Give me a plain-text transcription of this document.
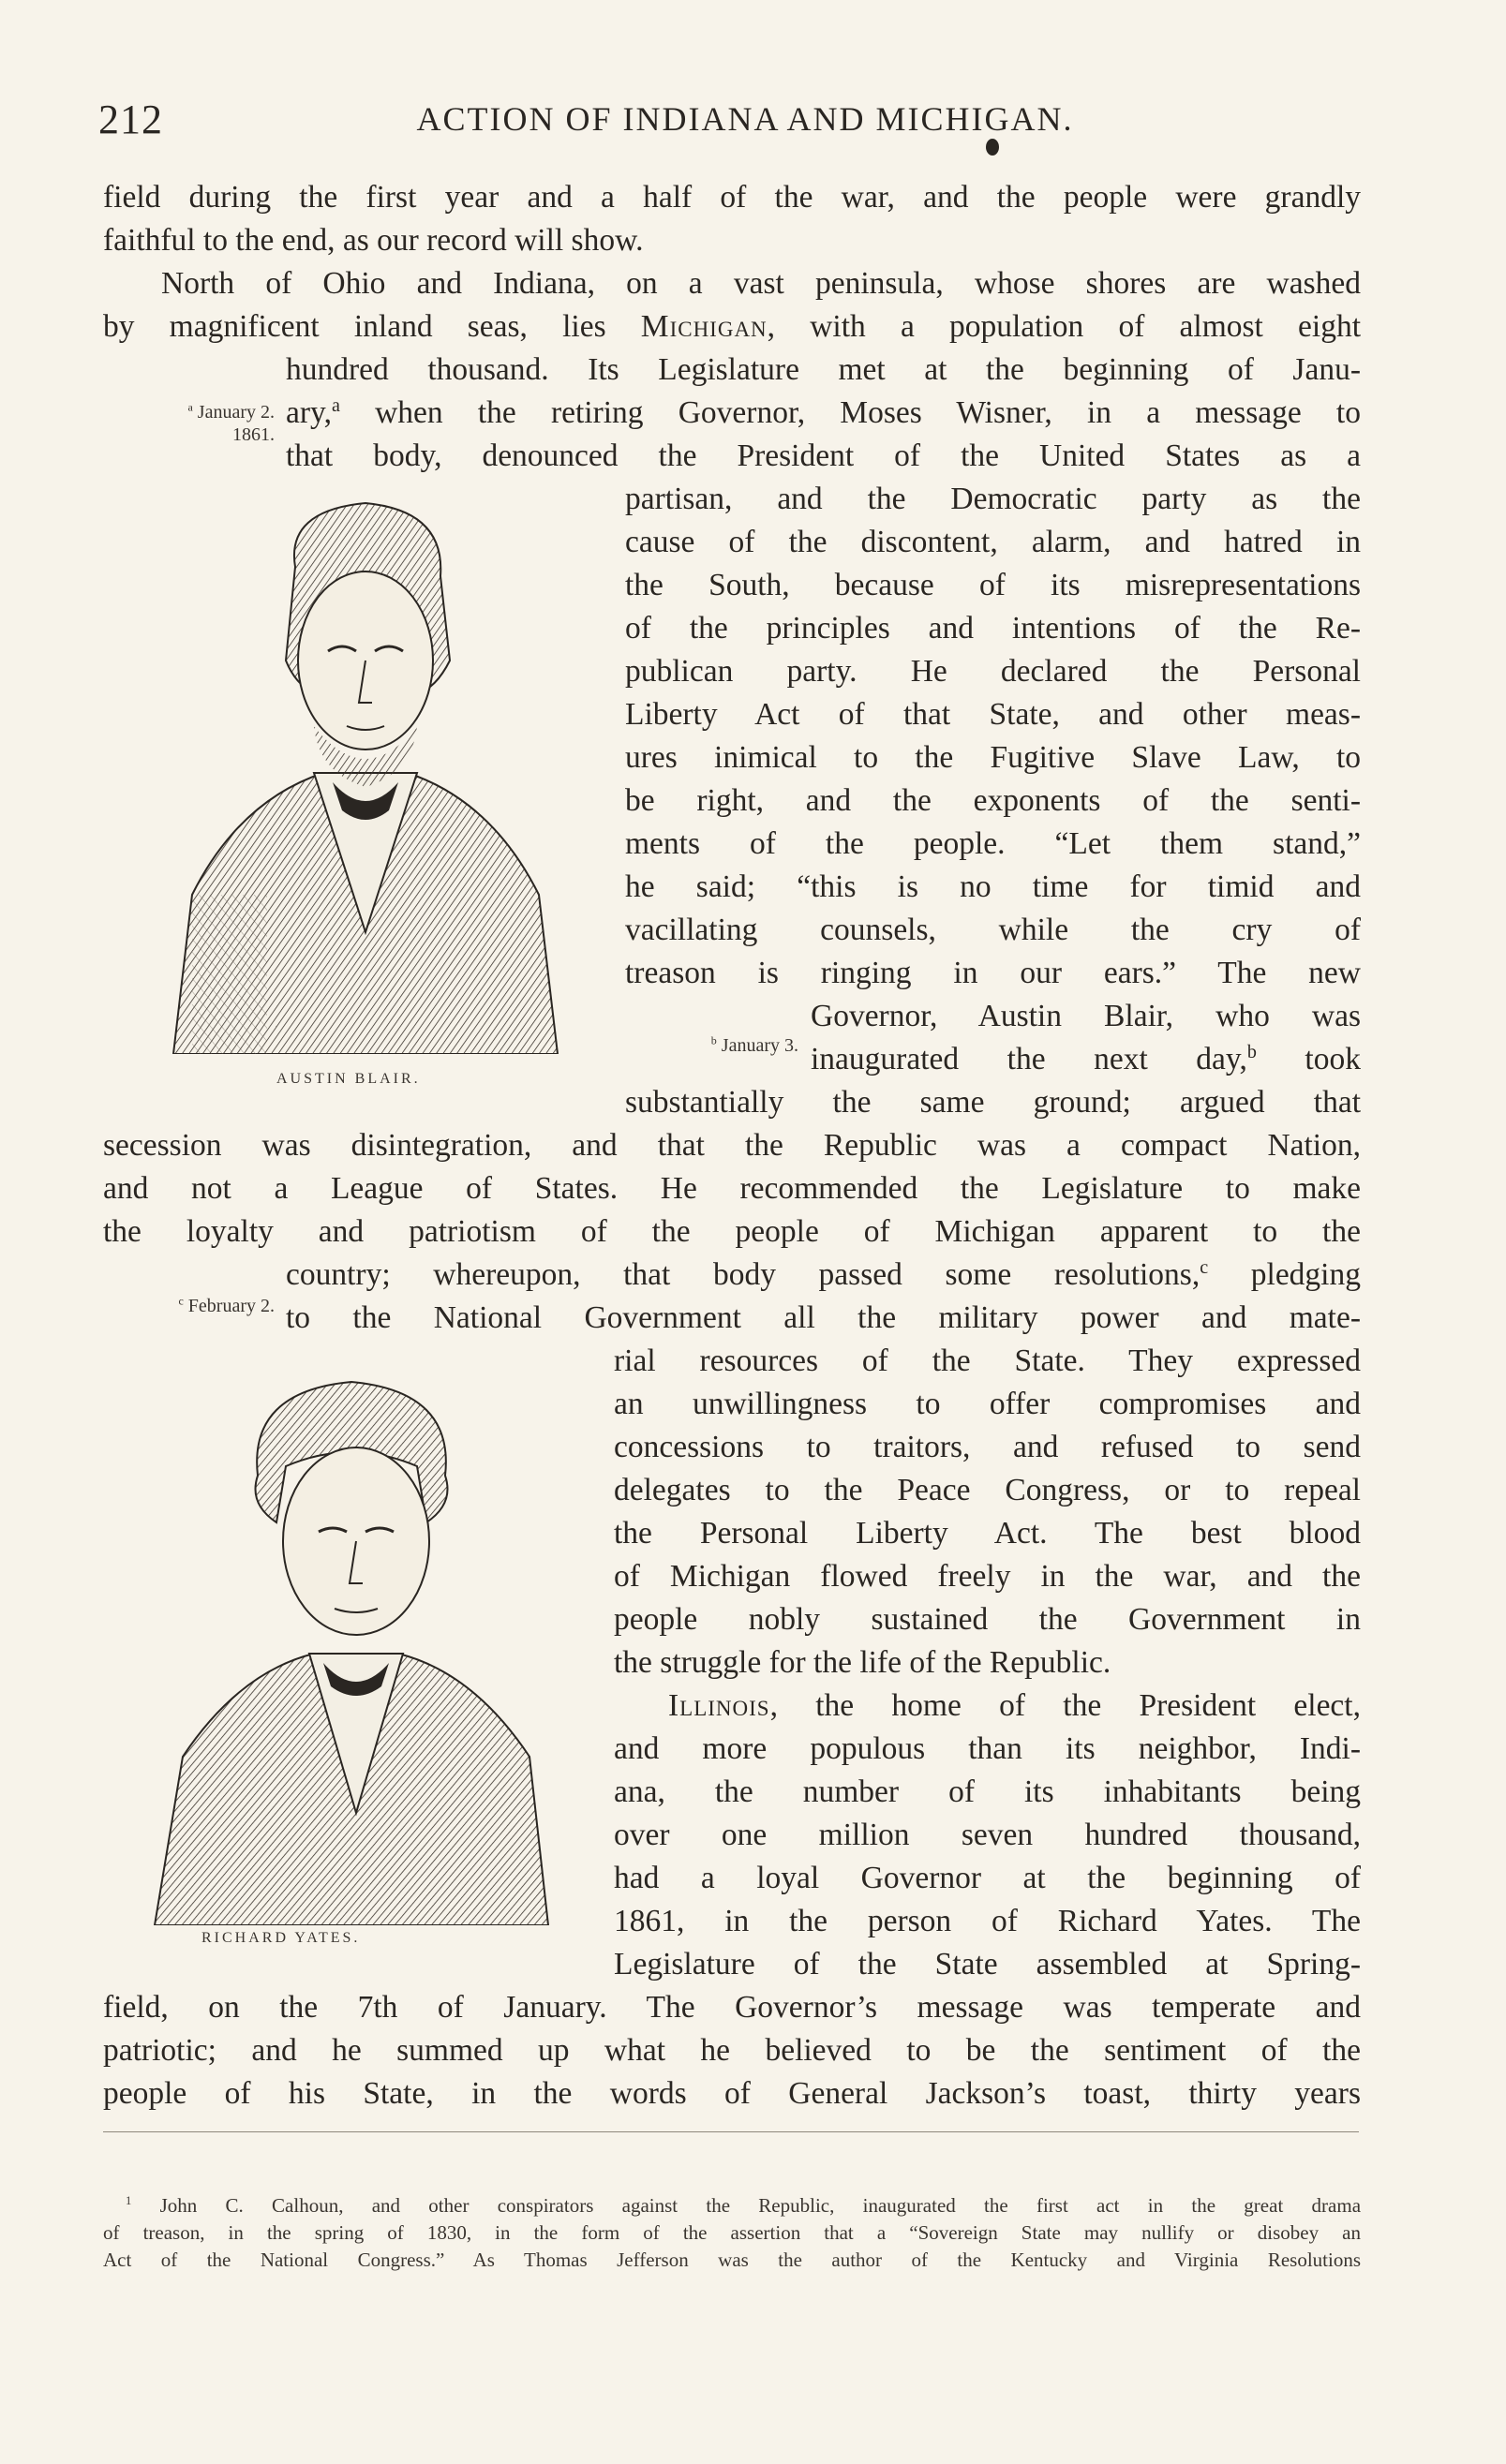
212	ACTION OF INDIANA AND MICHIGAN.
field during the first year and a half of the war, and the people were grandly
faithful to the end, as our record will show.
North of Ohio and Indiana, on a vast peninsula, whose shores are washed
by magnificent inland seas, lies Michigan, with a population of almost eight
hundred thousand. Its Legislature met at the beginning of Janu-
ary,$^a$ when the retiring Governor, Moses Wisner, in a message to
that body, denounced the President of the United States as a
partisan, and the Democratic party as the
cause of the discontent, alarm, and hatred in
the South, because of its misrepresentations
of the principles and intentions of the Re-
publican party. He declared the Personal
Liberty Act of that State, and other meas-
ures inimical to the Fugitive Slave Law, to
be right, and the exponents of the senti-
ments of the people. “Let them stand,”
he said; “this is no time for timid and
vacillating counsels, while the cry of
treason is ringing in our ears.” The new
Governor, Austin Blair, who was
inaugurated the next day,$^b$ took
substantially the same ground; argued that
secession was disintegration, and that the Republic was a compact Nation,
and not a League of States. He recommended the Legislature to make
the loyalty and patriotism of the people of Michigan apparent to the
country; whereupon, that body passed some resolutions,$^c$ pledging
to the National Government all the military power and mate-
rial resources of the State. They expressed
an unwillingness to offer compromises and
concessions to traitors, and refused to send
delegates to the Peace Congress, or to repeal
the Personal Liberty Act. The best blood
of Michigan flowed freely in the war, and the
people nobly sustained the Government in
the struggle for the life of the Republic.
Illinois, the home of the President elect,
and more populous than its neighbor, Indi-
ana, the number of its inhabitants being
over one million seven hundred thousand,
had a loyal Governor at the beginning of
1861, in the person of Richard Yates. The
Legislature of the State assembled at Spring-
field, on the 7th of January. The Governor’s message was temperate and
patriotic; and he summed up what he believed to be the sentiment of the
people of his State, in the words of General Jackson’s toast, thirty years
$^a$ January 2.
1861.
$^b$ January 3.
$^c$ February 2.
AUSTIN BLAIR.
RICHARD YATES.
$^1$ John C. Calhoun, and other conspirators against the Republic, inaugurated the first act in the great drama
of treason, in the spring of 1830, in the form of the assertion that a “Sovereign State may nullify or disobey an
Act of the National Congress.” As Thomas Jefferson was the author of the Kentucky and Virginia Resolutions
